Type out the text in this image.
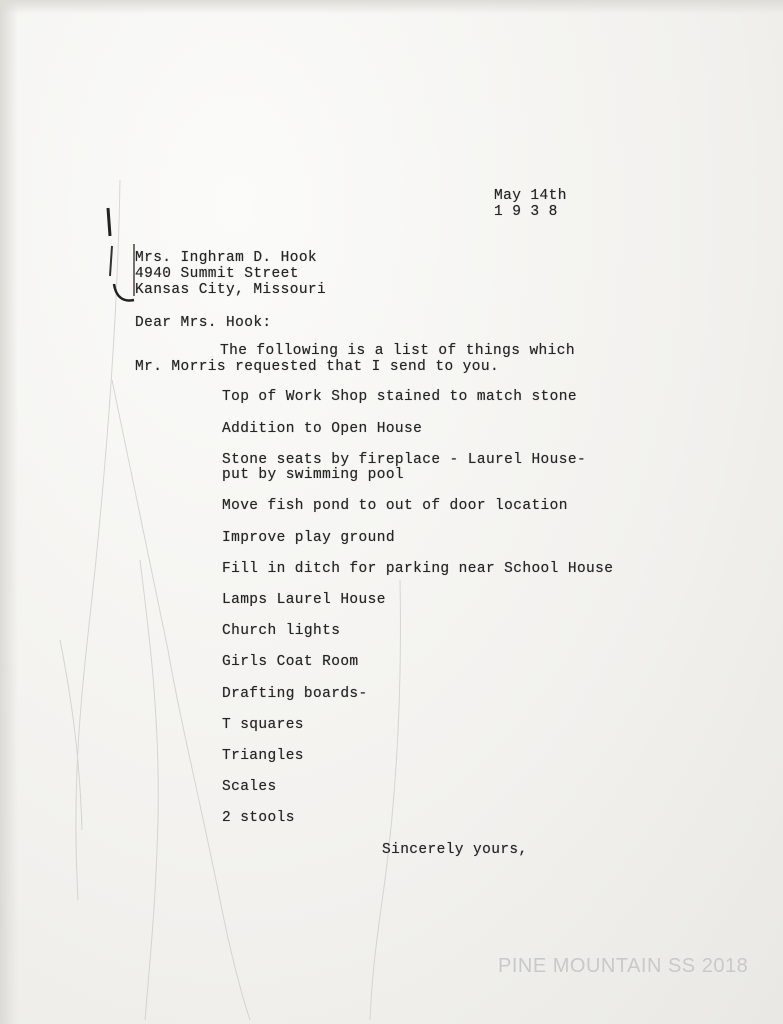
May 14th
1 9 3 8
Mrs. Inghram D. Hook
4940 Summit Street
Kansas City, Missouri
Dear Mrs. Hook:
The following is a list of things which
Mr. Morris requested that I send to you.
Top of Work Shop stained to match stone
Addition to Open House
Stone seats by fireplace - Laurel House-
put by swimming pool
Move fish pond to out of door location
Improve play ground
Fill in ditch for parking near School House
Lamps Laurel House
Church lights
Girls Coat Room
Drafting boards-
T squares
Triangles
Scales
2 stools
Sincerely yours,
PINE MOUNTAIN SS 2018
